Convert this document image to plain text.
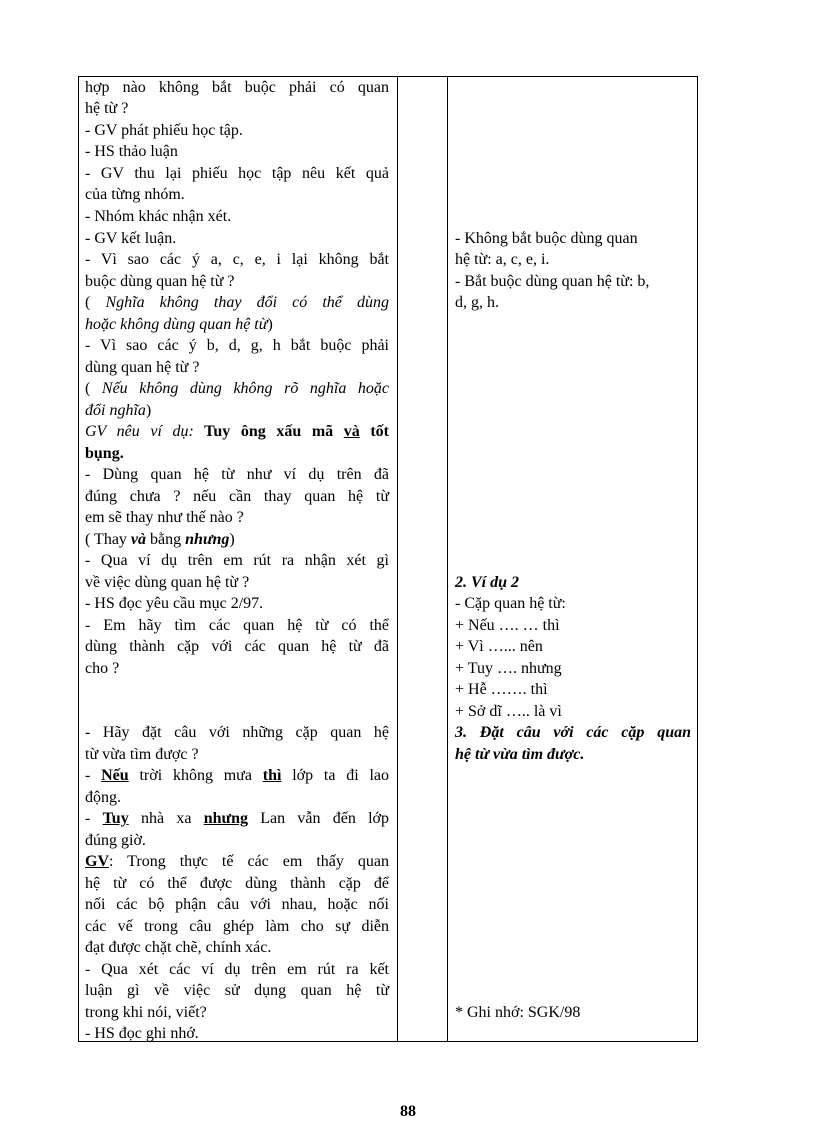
hợp nào không bắt buộc phải có quan
hệ từ ?
- GV phát phiếu học tập.
- HS thảo luận
- GV thu lại phiếu học tập nêu kết quả
của từng nhóm.
- Nhóm khác nhận xét.
- GV kết luận.
- Vì sao các ý a, c, e, i lại không bắt
buộc dùng quan hệ từ ?
( Nghĩa không thay đổi có thể dùng
hoặc không dùng quan hệ từ)
- Vì sao các ý b, d, g, h bắt buộc phải
dùng quan hệ từ ?
( Nếu không dùng không rõ nghĩa hoặc
đổi nghĩa)
GV nêu ví dụ: Tuy ông xấu mã và tốt
bụng.
- Dùng quan hệ từ như ví dụ trên đã
đúng chưa ? nếu cần thay quan hệ từ
em sẽ thay như thế nào ?
( Thay và bằng nhưng)
- Qua ví dụ trên em rút ra nhận xét gì
về việc dùng quan hệ từ ?
- HS đọc yêu cầu mục 2/97.
- Em hãy tìm các quan hệ từ có thể
dùng thành cặp với các quan hệ từ đã
cho ?
- Hãy đặt câu với những cặp quan hệ
từ vừa tìm được ?
- Nếu trời không mưa thì lớp ta đi lao
động.
- Tuy nhà xa nhưng Lan vẫn đến lớp
đúng giờ.
GV: Trong thực tế các em thấy quan
hệ từ có thể được dùng thành cặp để
nối các bộ phận câu với nhau, hoặc nối
các vế trong câu ghép làm cho sự diễn
đạt được chặt chẽ, chính xác.
- Qua xét các ví dụ trên em rút ra kết
luận gì về việc sử dụng quan hệ từ
trong khi nói, viết?
- HS đọc ghi nhớ.
- Không bắt buộc dùng quan
hệ từ: a, c, e, i.
- Bắt buộc dùng quan hệ từ: b,
d, g, h.
2. Ví dụ 2
- Cặp quan hệ từ:
+ Nếu …. … thì
+ Vì …... nên
+ Tuy …. nhưng
+ Hễ ……. thì
+ Sở dĩ ….. là vì
3. Đặt câu với các cặp quan
hệ từ vừa tìm được.
* Ghi nhớ: SGK/98
88
